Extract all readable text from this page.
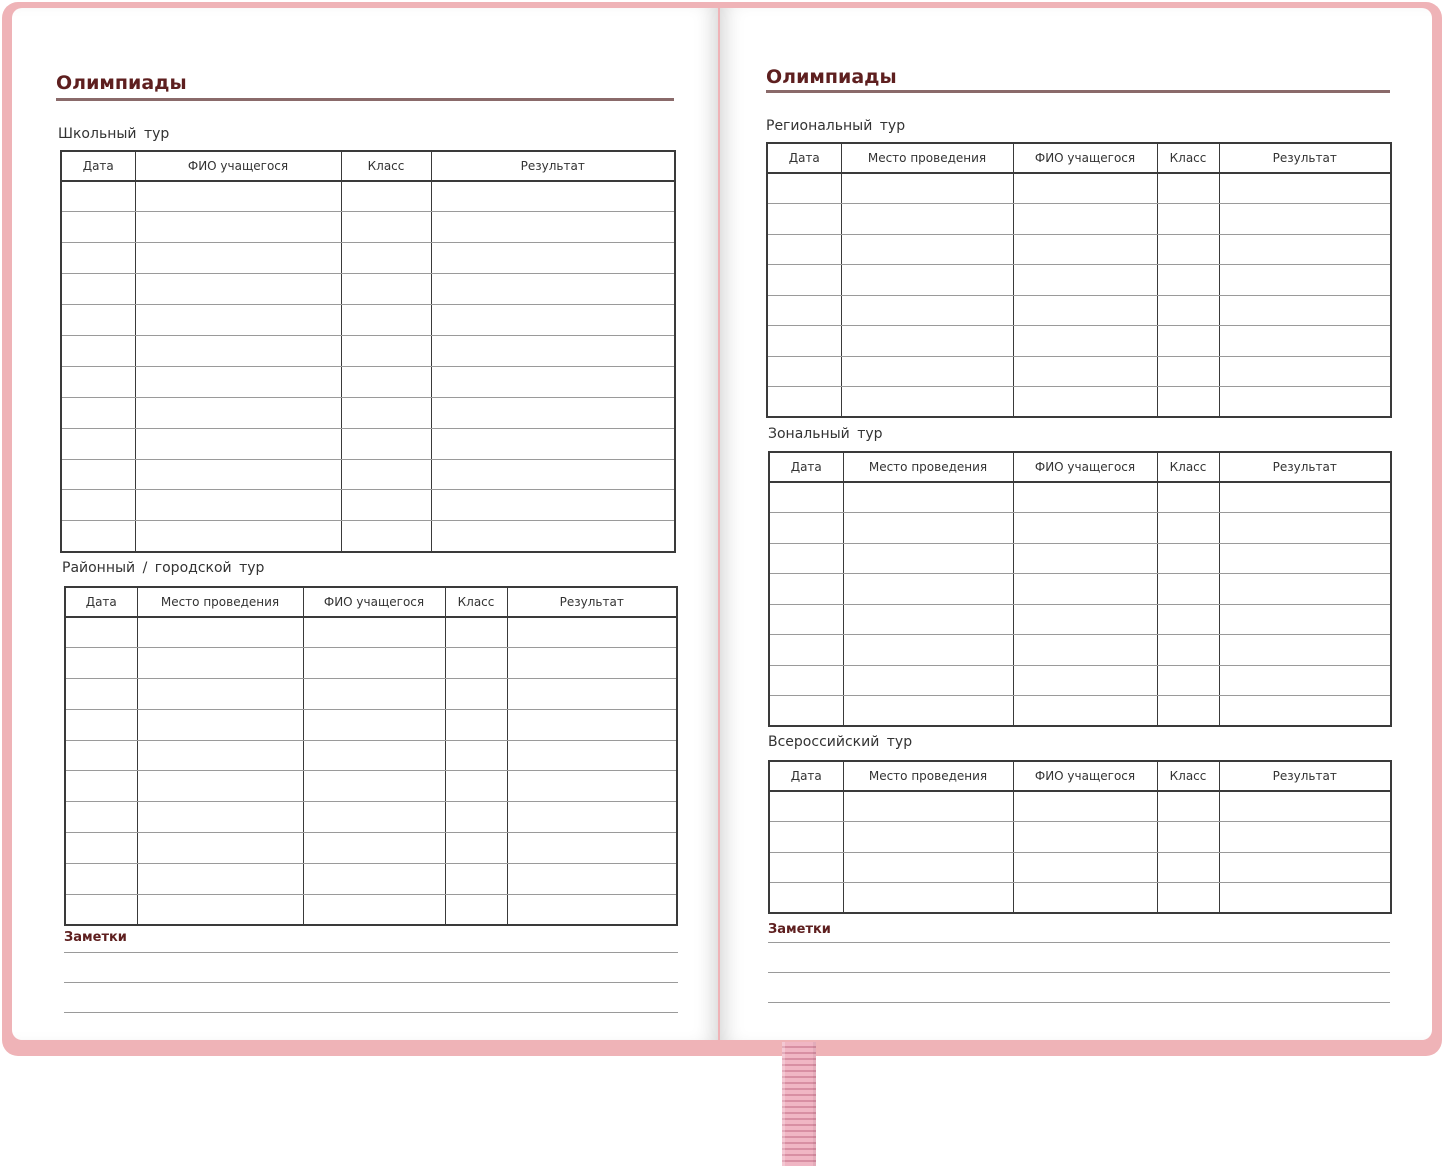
Олимпиады
Школьный тур
Дата	ФИО учащегося	Класс	Результат

Районный / городской тур
Дата	Место проведения	ФИО учащегося	Класс	Результат

Заметки
Олимпиады
Региональный тур
Дата	Место проведения	ФИО учащегося	Класс	Результат

Зональный тур
Дата	Место проведения	ФИО учащегося	Класс	Результат

Всероссийский тур
Дата	Место проведения	ФИО учащегося	Класс	Результат

Заметки
